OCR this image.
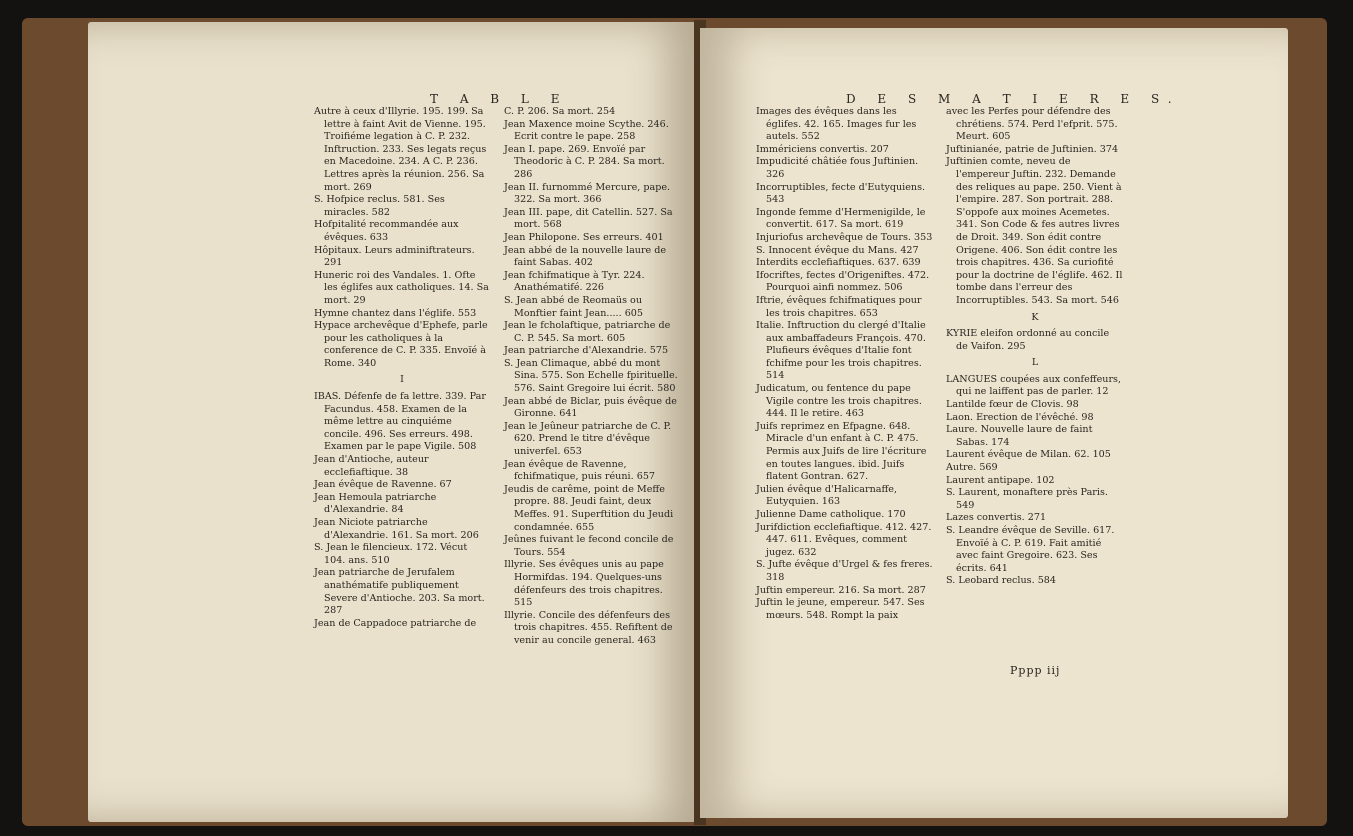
T A B L E	D E S M A T I E R E S.

Autre à ceux d'Illyrie. 195. 199. Sa lettre à faint Avit de Vienne. 195. Troifiéme legation à C. P. 232. Inftruction. 233. Ses legats reçus en Macedoine. 234. A C. P. 236. Lettres après la réunion. 256. Sa mort. 269

S. Hofpice reclus. 581. Ses miracles. 582

Hofpitalité recommandée aux évêques. 633

Hôpitaux. Leurs adminiftrateurs. 291

Huneric roi des Vandales. 1. Ofte les églifes aux catholiques. 14. Sa mort. 29

Hymne chantez dans l'églife. 553

Hypace archevêque d'Ephefe, parle pour les catholiques à la conference de C. P. 335. Envoïé à Rome. 340

I

IBAS. Défenfe de fa lettre. 339. Par Facundus. 458. Examen de la même lettre au cinquiéme concile. 496. Ses erreurs. 498. Examen par le pape Vigile. 508

Jean d'Antioche, auteur ecclefiaftique. 38

Jean évêque de Ravenne. 67

Jean Hemoula patriarche d'Alexandrie. 84

Jean Niciote patriarche d'Alexandrie. 161. Sa mort. 206

S. Jean le filencieux. 172. Vécut 104. ans. 510

Jean patriarche de Jerufalem anathématife publiquement Severe d'Antioche. 203. Sa mort. 287

Jean de Cappadoce patriarche de

C. P. 206. Sa mort. 254

Jean Maxence moine Scythe. 246. Ecrit contre le pape. 258

Jean I. pape. 269. Envoïé par Theodoric à C. P. 284. Sa mort. 286

Jean II. furnommé Mercure, pape. 322. Sa mort. 366

Jean III. pape, dit Catellin. 527. Sa mort. 568

Jean Philopone. Ses erreurs. 401

Jean abbé de la nouvelle laure de faint Sabas. 402

Jean fchifmatique à Tyr. 224. Anathématifé. 226

S. Jean abbé de Reomaüs ou Monftier faint Jean..... 605

Jean le fcholaftique, patriarche de C. P. 545. Sa mort. 605

Jean patriarche d'Alexandrie. 575

S. Jean Climaque, abbé du mont Sina. 575. Son Echelle fpirituelle. 576. Saint Gregoire lui écrit. 580

Jean abbé de Biclar, puis évêque de Gironne. 641

Jean le Jeûneur patriarche de C. P. 620. Prend le titre d'évêque univerfel. 653

Jean évêque de Ravenne, fchifmatique, puis réuni. 657

Jeudis de carême, point de Meffe propre. 88. Jeudi faint, deux Meffes. 91. Superftition du Jeudi condamnée. 655

Jeûnes fuivant le fecond concile de Tours. 554

Illyrie. Ses évêques unis au pape Hormifdas. 194. Quelques-uns défenfeurs des trois chapitres. 515

Illyrie. Concile des défenfeurs des trois chapitres. 455. Refiftent de venir au concile general. 463

Images des évêques dans les églifes. 42. 165. Images fur les autels. 552

Immériciens convertis. 207

Impudicité châtiée fous Juftinien. 326

Incorruptibles, fecte d'Eutyquiens. 543

Ingonde femme d'Hermenigilde, le convertit. 617. Sa mort. 619

Injuriofus archevêque de Tours. 353

S. Innocent évêque du Mans. 427

Interdits ecclefiaftiques. 637. 639

Ifocriftes, fectes d'Origeniftes. 472. Pourquoi ainfi nommez. 506

Iftrie, évêques fchifmatiques pour les trois chapitres. 653

Italie. Inftruction du clergé d'Italie aux ambaffadeurs François. 470. Plufieurs évêques d'Italie font fchifme pour les trois chapitres. 514

Judicatum, ou fentence du pape Vigile contre les trois chapitres. 444. Il le retire. 463

Juifs reprimez en Efpagne. 648. Miracle d'un enfant à C. P. 475. Permis aux Juifs de lire l'écriture en toutes langues. ibid. Juifs flatent Gontran. 627.

Julien évêque d'Halicarnaffe, Eutyquien. 163

Julienne Dame catholique. 170

Jurifdiction ecclefiaftique. 412. 427. 447. 611. Evêques, comment jugez. 632

S. Jufte évêque d'Urgel & fes freres. 318

Juftin empereur. 216. Sa mort. 287

Juftin le jeune, empereur. 547. Ses mœurs. 548. Rompt la paix

avec les Perfes pour défendre des chrétiens. 574. Perd l'efprit. 575. Meurt. 605

Juftinianée, patrie de Juftinien. 374

Juftinien comte, neveu de l'empereur Juftin. 232. Demande des reliques au pape. 250. Vient à l'empire. 287. Son portrait. 288. S'oppofe aux moines Acemetes. 341. Son Code & fes autres livres de Droit. 349. Son édit contre Origene. 406. Son édit contre les trois chapitres. 436. Sa curiofité pour la doctrine de l'églife. 462. Il tombe dans l'erreur des Incorruptibles. 543. Sa mort. 546

K

KYRIE eleifon ordonné au concile de Vaifon. 295

L

LANGUES coupées aux confeffeurs, qui ne laiffent pas de parler. 12

Lantilde fœur de Clovis. 98

Laon. Erection de l'évêché. 98

Laure. Nouvelle laure de faint Sabas. 174

Laurent évêque de Milan. 62. 105

Autre. 569

Laurent antipape. 102

S. Laurent, monaftere près Paris. 549

Lazes convertis. 271

S. Leandre évêque de Seville. 617. Envoïé à C. P. 619. Fait amitié avec faint Gregoire. 623. Ses écrits. 641

S. Leobard reclus. 584

Pppp iij
